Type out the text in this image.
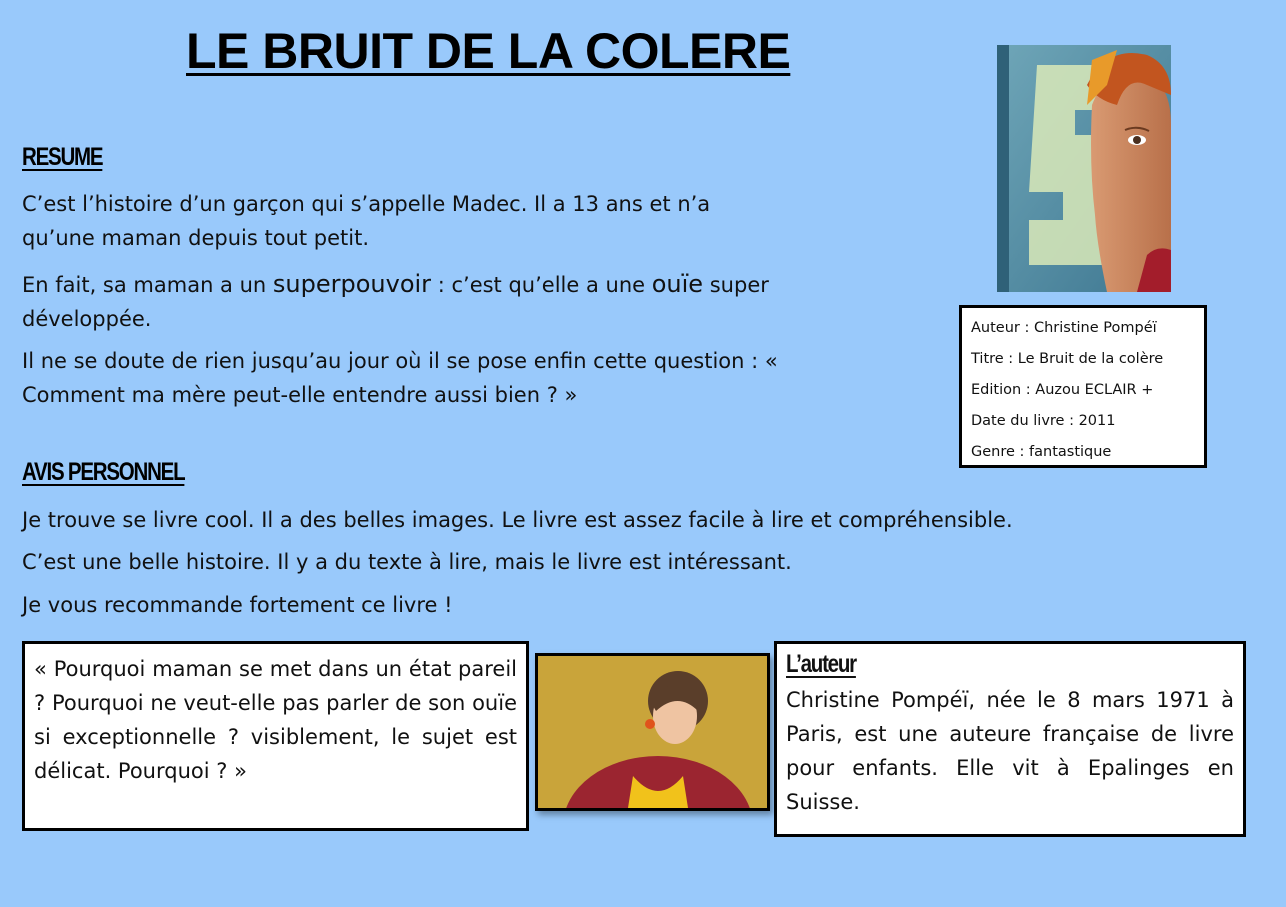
LE BRUIT DE LA COLERE
RESUME
C’est l’histoire d’un garçon qui s’appelle Madec. Il a 13 ans et n’a qu’une maman depuis tout petit.
En fait, sa maman a un superpouvoir : c’est qu’elle a une ouïe super développée.
Il ne se doute de rien jusqu’au jour où il se pose enfin cette question : « Comment ma mère peut-elle entendre aussi bien ? »
AVIS PERSONNEL
Je trouve se livre cool. Il a des belles images. Le livre est assez facile à lire et compréhensible.
C’est une belle histoire. Il y a du texte à lire, mais le livre est intéressant.
Je vous recommande fortement ce livre !
Auteur : Christine Pompéï
Titre : Le Bruit de la colère
Edition : Auzou ECLAIR +
Date du livre : 2011
Genre : fantastique
« Pourquoi maman se met dans un état pareil ? Pourquoi ne veut-elle pas parler de son ouïe si exceptionnelle ? visiblement, le sujet est délicat. Pourquoi ? »
L’auteur
Christine Pompéï, née le 8 mars 1971 à Paris, est une auteure française de livre pour enfants. Elle vit à Epalinges en Suisse.
